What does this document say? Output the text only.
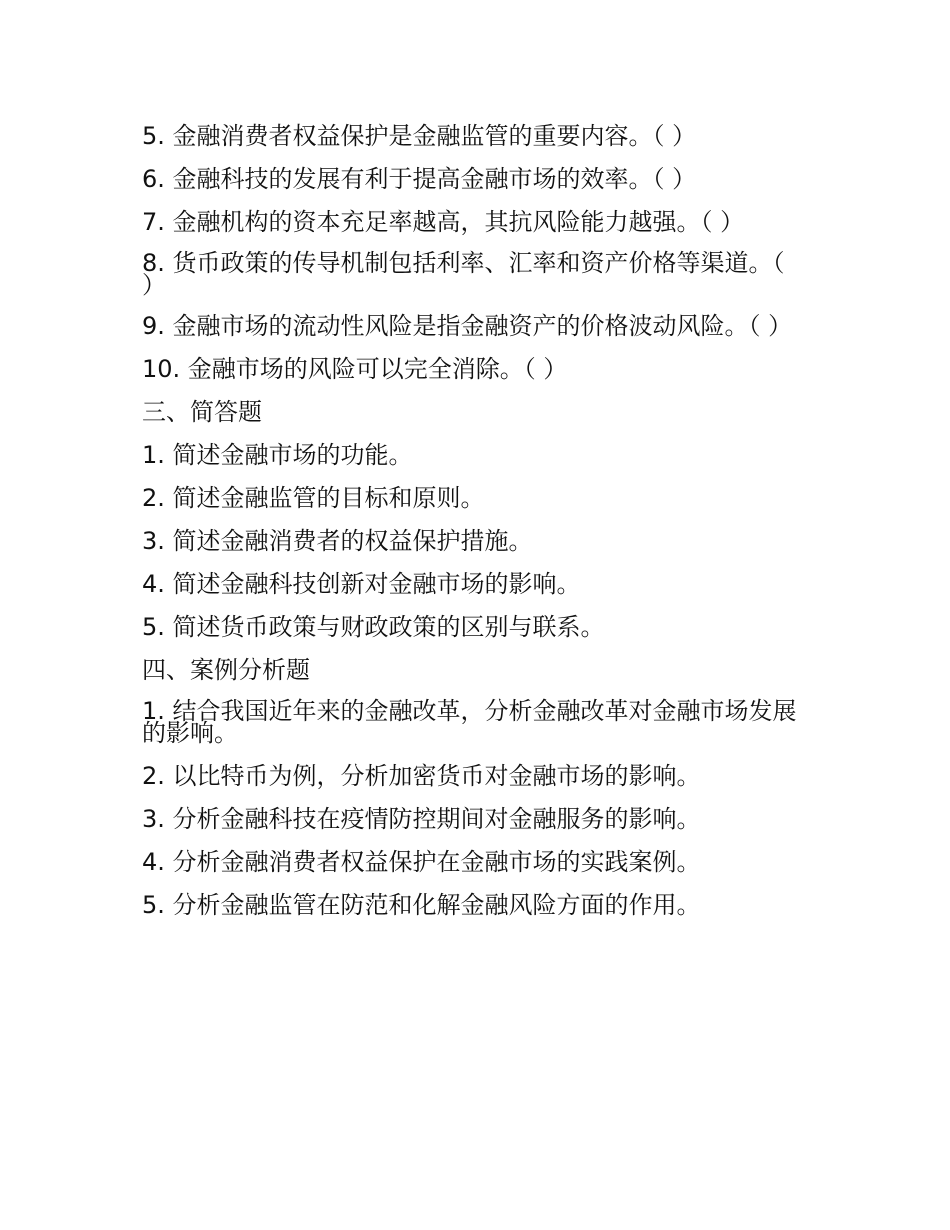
5. 金融消费者权益保护是金融监管的重要内容。（ ）

6. 金融科技的发展有利于提高金融市场的效率。（ ）

7. 金融机构的资本充足率越高，其抗风险能力越强。（ ）

8. 货币政策的传导机制包括利率、汇率和资产价格等渠道。（ ）

9. 金融市场的流动性风险是指金融资产的价格波动风险。（ ）

10. 金融市场的风险可以完全消除。（ ）

三、简答题

1. 简述金融市场的功能。

2. 简述金融监管的目标和原则。

3. 简述金融消费者的权益保护措施。

4. 简述金融科技创新对金融市场的影响。

5. 简述货币政策与财政政策的区别与联系。

四、案例分析题

1. 结合我国近年来的金融改革，分析金融改革对金融市场发展的影响。

2. 以比特币为例，分析加密货币对金融市场的影响。

3. 分析金融科技在疫情防控期间对金融服务的影响。

4. 分析金融消费者权益保护在金融市场的实践案例。

5. 分析金融监管在防范和化解金融风险方面的作用。
